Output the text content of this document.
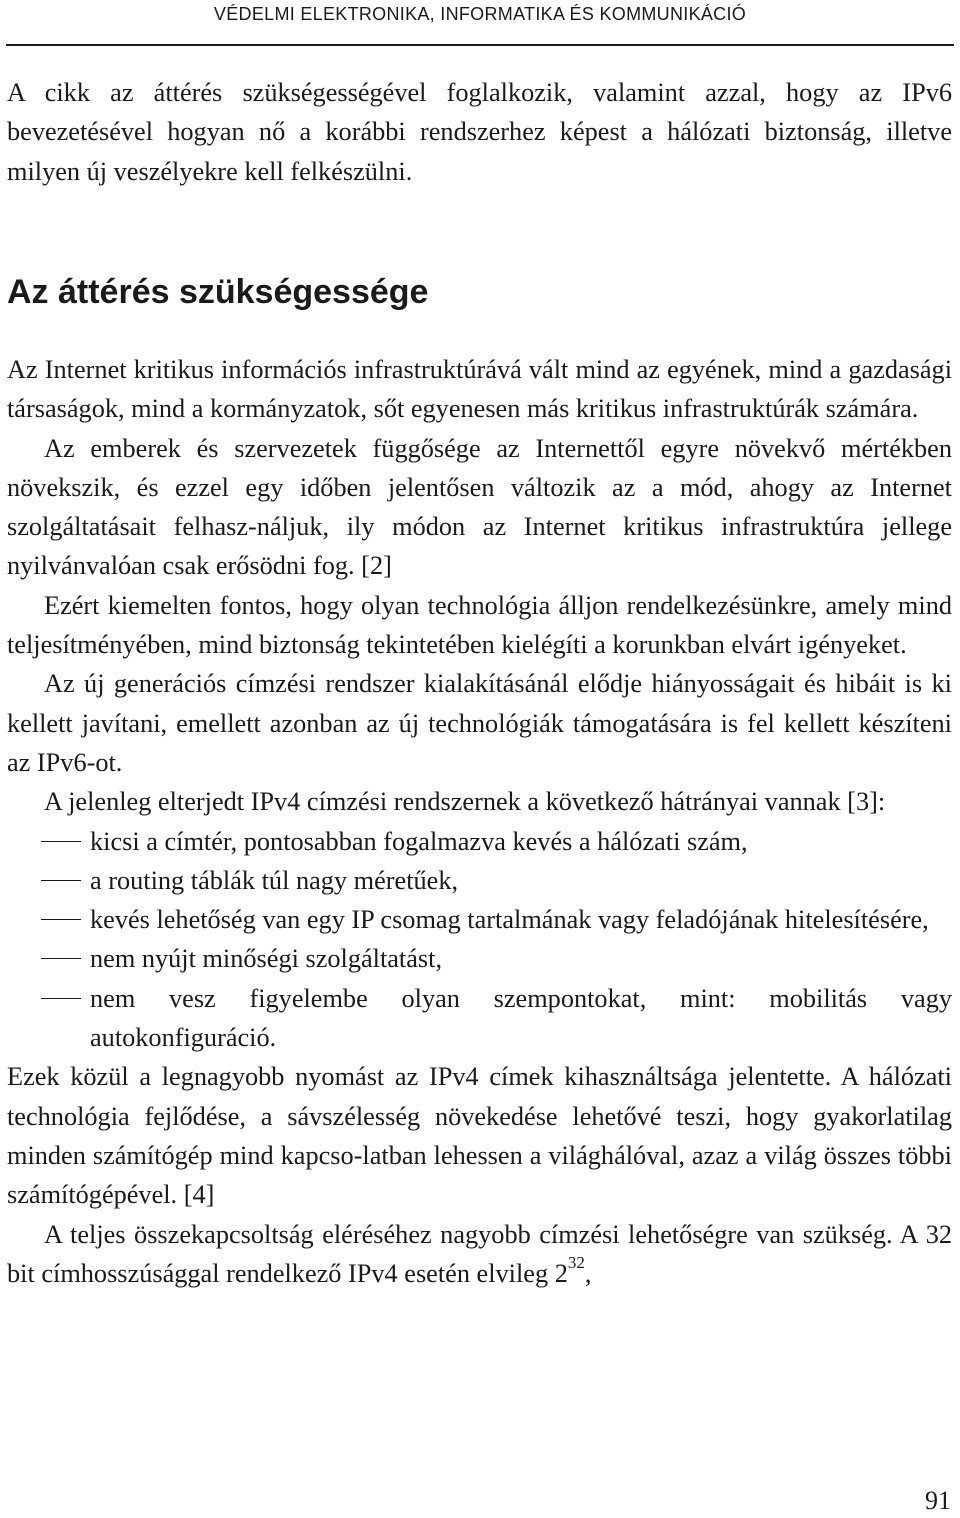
VÉDELMI ELEKTRONIKA, INFORMATIKA ÉS KOMMUNIKÁCIÓ

A cikk az áttérés szükségességével foglalkozik, valamint azzal, hogy az IPv6 bevezetésével hogyan nő a korábbi rendszerhez képest a hálózati biztonság, illetve milyen új veszélyekre kell felkészülni.

Az áttérés szükségessége

Az Internet kritikus információs infrastruktúrává vált mind az egyének, mind a gazdasági társaságok, mind a kormányzatok, sőt egyenesen más kritikus infrastruktúrák számára.

Az emberek és szervezetek függősége az Internettől egyre növekvő mértékben növekszik, és ezzel egy időben jelentősen változik az a mód, ahogy az Internet szolgáltatásait felhasz-náljuk, ily módon az Internet kritikus infrastruktúra jellege nyilvánvalóan csak erősödni fog. [2]

Ezért kiemelten fontos, hogy olyan technológia álljon rendelkezésünkre, amely mind teljesítményében, mind biztonság tekintetében kielégíti a korunkban elvárt igényeket.

Az új generációs címzési rendszer kialakításánál elődje hiányosságait és hibáit is ki kellett javítani, emellett azonban az új technológiák támogatására is fel kellett készíteni az IPv6-ot.

A jelenleg elterjedt IPv4 címzési rendszernek a következő hátrányai vannak [3]:

kicsi a címtér, pontosabban fogalmazva kevés a hálózati szám,
a routing táblák túl nagy méretűek,
kevés lehetőség van egy IP csomag tartalmának vagy feladójának hitelesítésére,
nem nyújt minőségi szolgáltatást,
nem vesz figyelembe olyan szempontokat, mint: mobilitás vagy autokonfiguráció.

Ezek közül a legnagyobb nyomást az IPv4 címek kihasználtsága jelentette. A hálózati technológia fejlődése, a sávszélesség növekedése lehetővé teszi, hogy gyakorlatilag minden számítógép mind kapcso-latban lehessen a világhálóval, azaz a világ összes többi számítógépével. [4]

A teljes összekapcsoltság eléréséhez nagyobb címzési lehetőségre van szükség. A 32 bit címhosszúsággal rendelkező IPv4 esetén elvileg $2^{32}$,

91
